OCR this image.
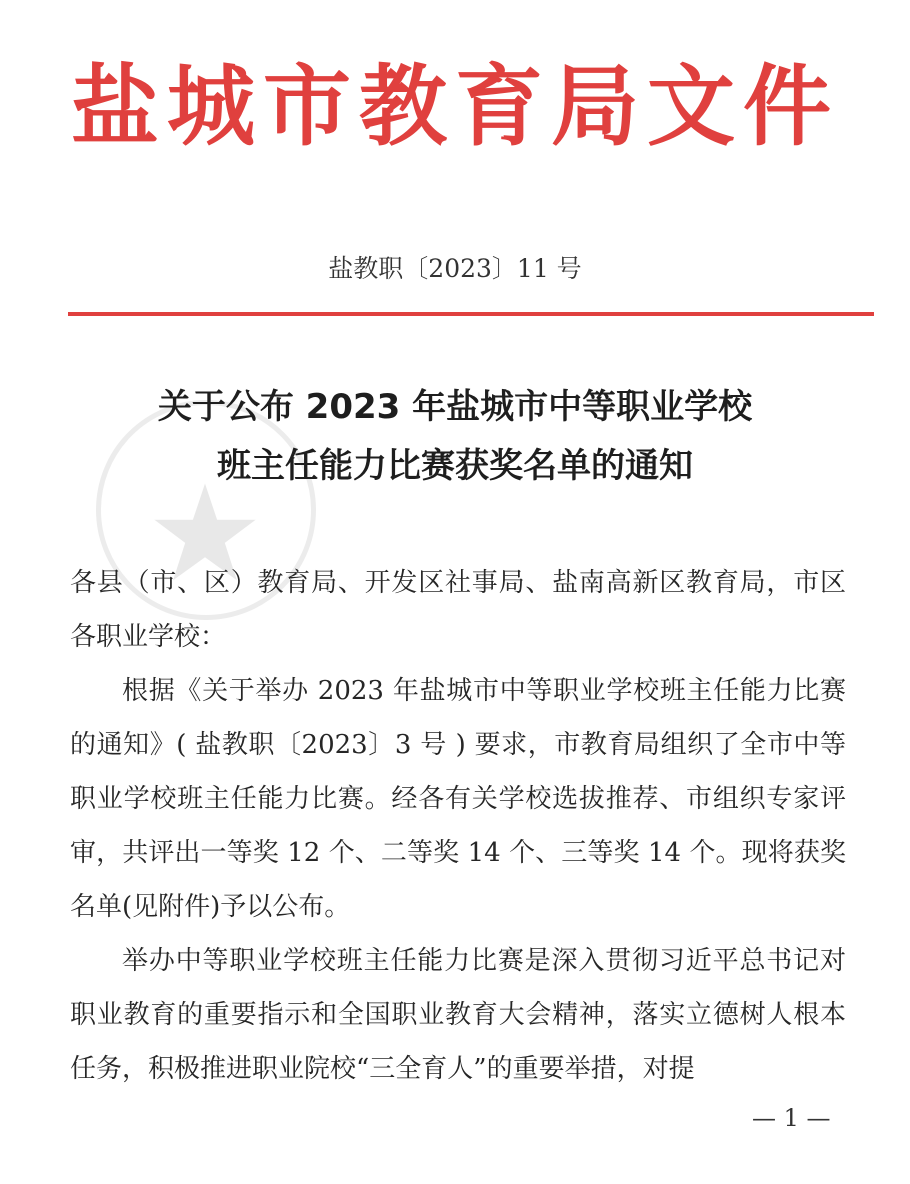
盐城市教育局文件
盐教职〔2023〕11 号
关于公布 2023 年盐城市中等职业学校
班主任能力比赛获奖名单的通知

各县（市、区）教育局、开发区社事局、盐南高新区教育局，市区各职业学校：

根据《关于举办 2023 年盐城市中等职业学校班主任能力比赛的通知》( 盐教职〔2023〕3 号 ) 要求，市教育局组织了全市中等职业学校班主任能力比赛。经各有关学校选拔推荐、市组织专家评审，共评出一等奖 12 个、二等奖 14 个、三等奖 14 个。现将获奖名单(见附件)予以公布。

举办中等职业学校班主任能力比赛是深入贯彻习近平总书记对职业教育的重要指示和全国职业教育大会精神，落实立德树人根本任务，积极推进职业院校“三全育人”的重要举措，对提

— 1 —
